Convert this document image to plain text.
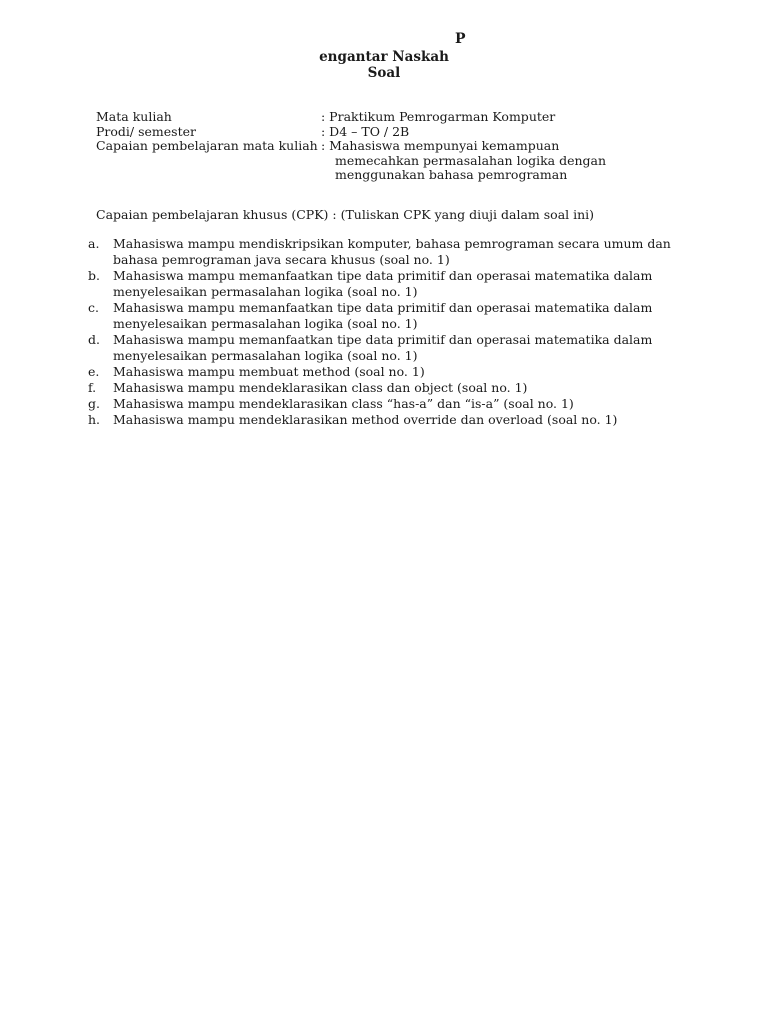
P
engantar Naskah
Soal
Mata kuliah	: Praktikum Pemrogarman Komputer
Prodi/ semester	: D4 – TO / 2B
Capaian pembelajaran mata kuliah : Mahasiswa mempunyai kemampuan
memecahkan permasalahan logika dengan
menggunakan bahasa pemrograman
Capaian pembelajaran khusus (CPK) : (Tuliskan CPK yang diuji dalam soal ini)
a. Mahasiswa mampu mendiskripsikan komputer, bahasa pemrograman secara umum dan
bahasa pemrograman java secara khusus (soal no. 1)
b. Mahasiswa mampu memanfaatkan tipe data primitif dan operasai matematika dalam
menyelesaikan permasalahan logika (soal no. 1)
c. Mahasiswa mampu memanfaatkan tipe data primitif dan operasai matematika dalam
menyelesaikan permasalahan logika (soal no. 1)
d. Mahasiswa mampu memanfaatkan tipe data primitif dan operasai matematika dalam
menyelesaikan permasalahan logika (soal no. 1)
e. Mahasiswa mampu membuat method (soal no. 1)
f. Mahasiswa mampu mendeklarasikan class dan object (soal no. 1)
g. Mahasiswa mampu mendeklarasikan class “has-a” dan “is-a” (soal no. 1)
h. Mahasiswa mampu mendeklarasikan method override dan overload (soal no. 1)
